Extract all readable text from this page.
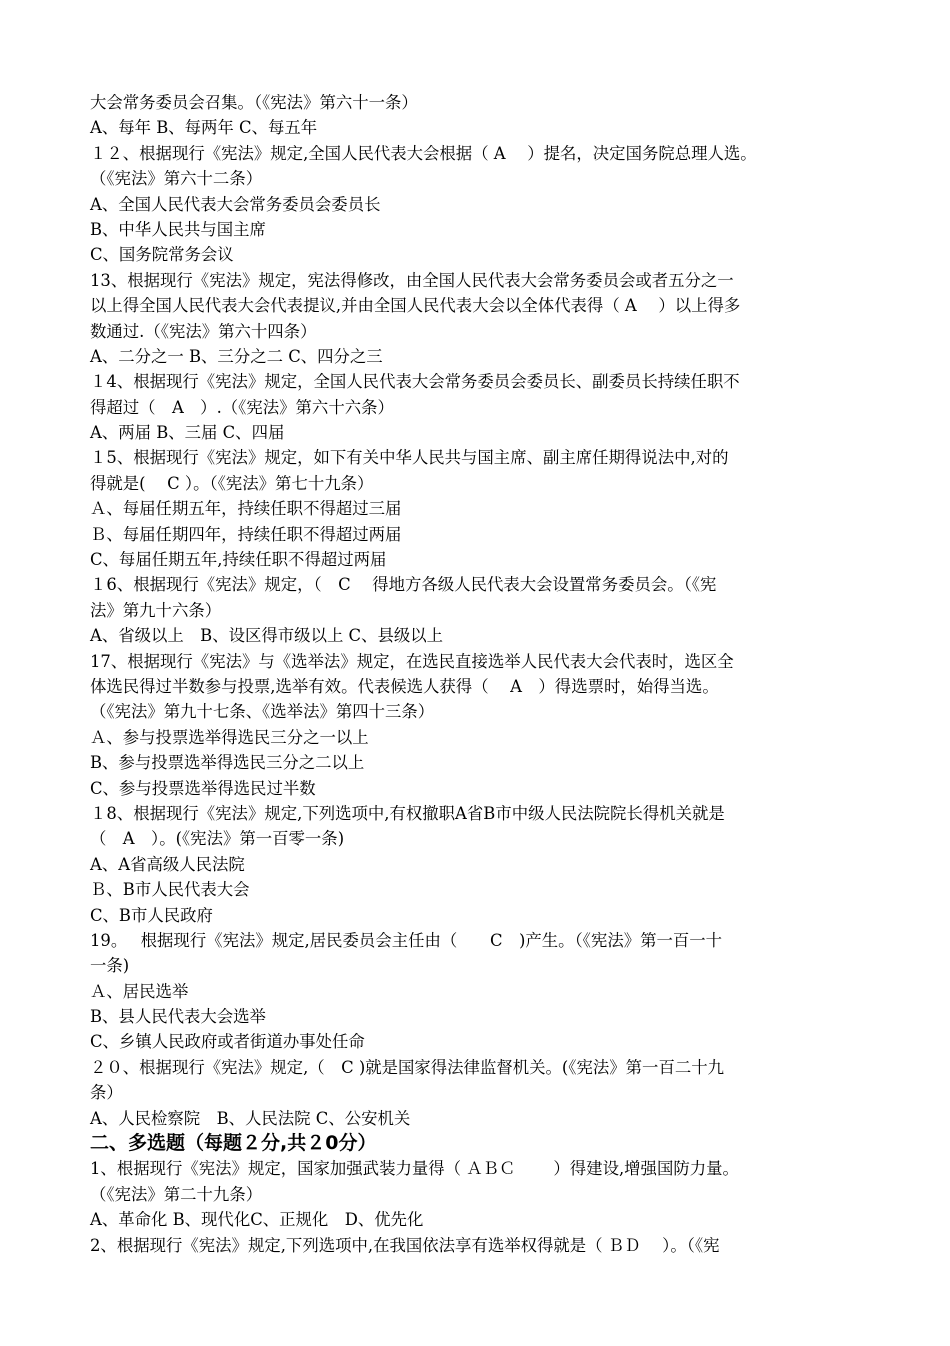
大会常务委员会召集。（《宪法》第六十一条）
A、每年 B、每两年 C、每五年
１２、根据现行《宪法》规定,全国人民代表大会根据（ A　 ）提名，决定国务院总理人选。
（《宪法》第六十二条）
A、全国人民代表大会常务委员会委员长
B、中华人民共与国主席
C、国务院常务会议
13、根据现行《宪法》规定，宪法得修改，由全国人民代表大会常务委员会或者五分之一
以上得全国人民代表大会代表提议,并由全国人民代表大会以全体代表得（ A　 ）以上得多
数通过.（《宪法》第六十四条）
A、二分之一 B、三分之二 C、四分之三
１4、根据现行《宪法》规定，全国人民代表大会常务委员会委员长、副委员长持续任职不
得超过（　A　）.（《宪法》第六十六条）
A、两届 B、三届 C、四届
１5、根据现行《宪法》规定，如下有关中华人民共与国主席、副主席任期得说法中,对的
得就是(　 C ）。（《宪法》第七十九条）
Ａ、每届任期五年，持续任职不得超过三届
Ｂ、每届任期四年，持续任职不得超过两届
C、每届任期五年,持续任职不得超过两届
１6、根据现行《宪法》规定，（　C　 得地方各级人民代表大会设置常务委员会。（《宪
法》第九十六条）
A、省级以上　B、设区得市级以上 C、县级以上
17、根据现行《宪法》与《选举法》规定，在选民直接选举人民代表大会代表时，选区全
体选民得过半数参与投票,选举有效。代表候选人获得（　 A　）得选票时，始得当选。
（《宪法》第九十七条、《选举法》第四十三条）
Ａ、参与投票选举得选民三分之一以上
B、参与投票选举得选民三分之二以上
C、参与投票选举得选民过半数
１8、根据现行《宪法》规定,下列选项中,有权撤职A省B市中级人民法院院长得机关就是
（　A　）。(《宪法》第一百零一条)
A、A省高级人民法院
Ｂ、B市人民代表大会
C、B市人民政府
19。　 根据现行《宪法》规定,居民委员会主任由（　　C　)产生。（《宪法》第一百一十
一条)
Ａ、居民选举
B、县人民代表大会选举
C、乡镇人民政府或者街道办事处任命
２０、根据现行《宪法》规定,（　C )就是国家得法律监督机关。(《宪法》第一百二十九
条）
A、人民检察院　B、人民法院 C、公安机关
二、多选题（每题２分,共２0分）
1、根据现行《宪法》规定，国家加强武装力量得（ ＡＢＣ 　　）得建设,增强国防力量。
（《宪法》第二十九条）
A、革命化 B、现代化C、正规化　D、优先化
2、根据现行《宪法》规定,下列选项中,在我国依法享有选举权得就是（ ＢＤ　 ）。（《宪
